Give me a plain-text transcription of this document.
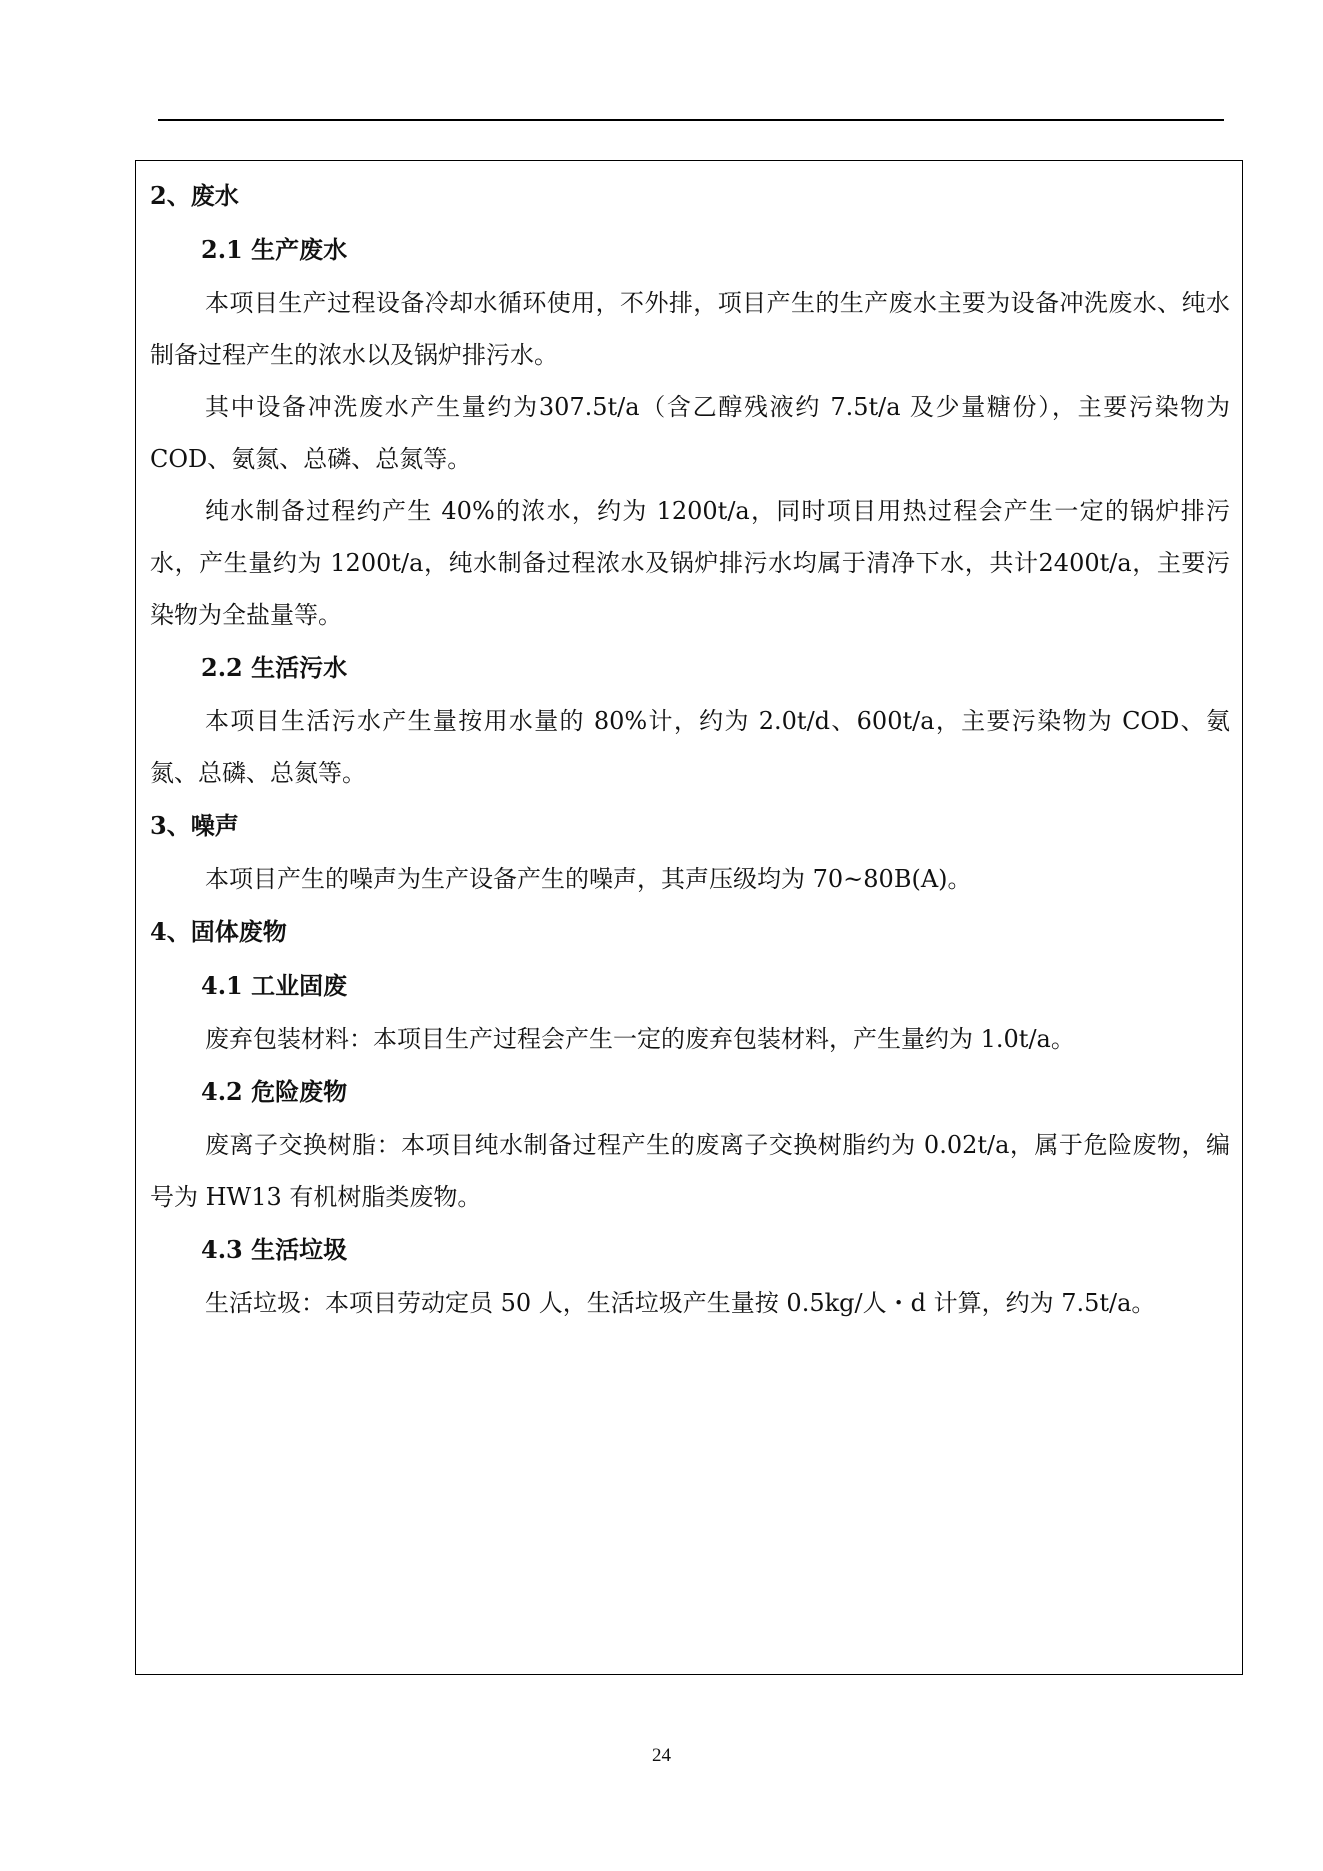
2、废水

2.1 生产废水

本项目生产过程设备冷却水循环使用，不外排，项目产生的生产废水主要为设备冲洗废水、纯水制备过程产生的浓水以及锅炉排污水。

其中设备冲洗废水产生量约为307.5t/a（含乙醇残液约 7.5t/a 及少量糖份），主要污染物为COD、氨氮、总磷、总氮等。

纯水制备过程约产生 40%的浓水，约为 1200t/a，同时项目用热过程会产生一定的锅炉排污水，产生量约为 1200t/a，纯水制备过程浓水及锅炉排污水均属于清净下水，共计2400t/a，主要污染物为全盐量等。

2.2 生活污水

本项目生活污水产生量按用水量的 80%计，约为 2.0t/d、600t/a，主要污染物为 COD、氨氮、总磷、总氮等。

3、噪声

本项目产生的噪声为生产设备产生的噪声，其声压级均为 70~80B(A)。

4、固体废物

4.1 工业固废

废弃包装材料：本项目生产过程会产生一定的废弃包装材料，产生量约为 1.0t/a。

4.2 危险废物

废离子交换树脂：本项目纯水制备过程产生的废离子交换树脂约为 0.02t/a，属于危险废物，编号为 HW13 有机树脂类废物。

4.3 生活垃圾

生活垃圾：本项目劳动定员 50 人，生活垃圾产生量按 0.5kg/人・d 计算，约为 7.5t/a。

24
